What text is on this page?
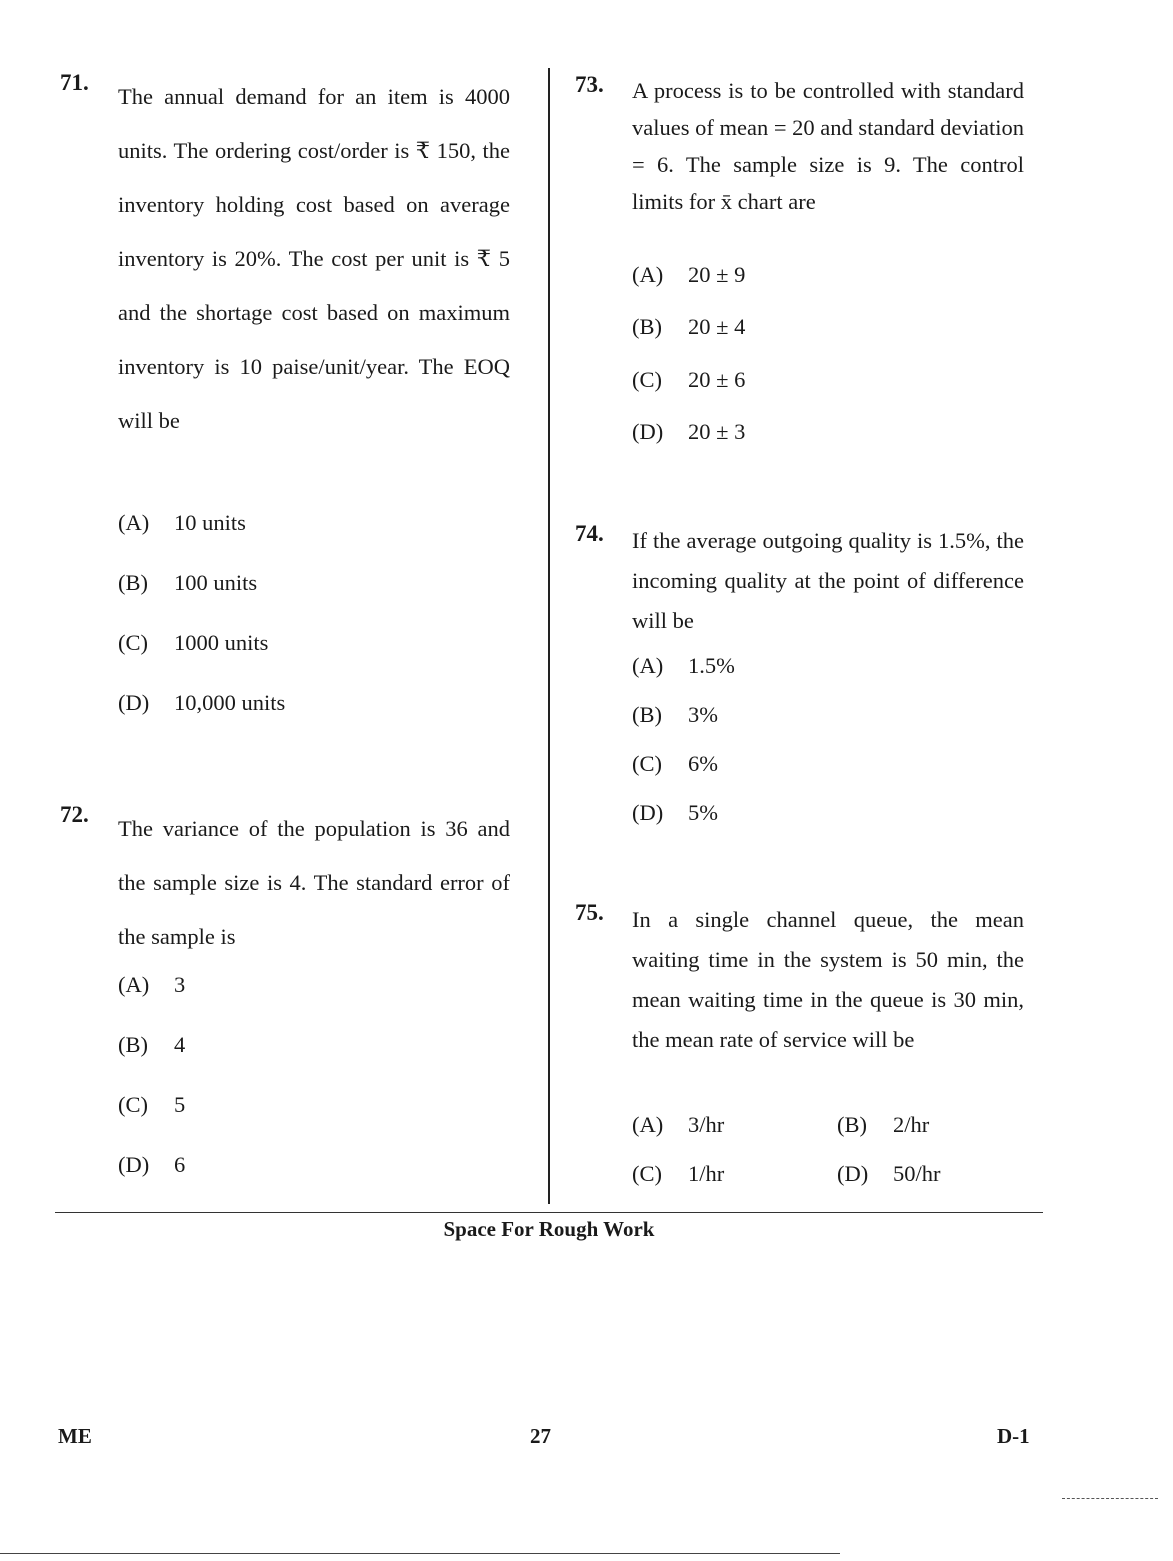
71.
The annual demand for an item is 4000 units. The ordering cost/order is ₹ 150, the inventory holding cost based on average inventory is 20%. The cost per unit is ₹ 5 and the shortage cost based on maximum inventory is 10 paise/unit/year. The EOQ will be
(A) 10 units
(B) 100 units
(C) 1000 units
(D) 10,000 units
72.
The variance of the population is 36 and the sample size is 4. The standard error of the sample is
(A) 3
(B) 4
(C) 5
(D) 6
73. A process is to be controlled with standard values of mean = 20 and standard deviation = 6. The sample size is 9. The control limits for x̄ chart are
(A) 20 ± 9
(B) 20 ± 4
(C) 20 ± 6
(D) 20 ± 3
74. If the average outgoing quality is 1.5%, the incoming quality at the point of difference will be
(A) 1.5%
(B) 3%
(C) 6%
(D) 5%
75. In a single channel queue, the mean waiting time in the system is 50 min, the mean waiting time in the queue is 30 min, the mean rate of service will be
(A) 3/hr	(B) 2/hr
(C) 1/hr	(D) 50/hr
Space For Rough Work
ME	27	D-1
